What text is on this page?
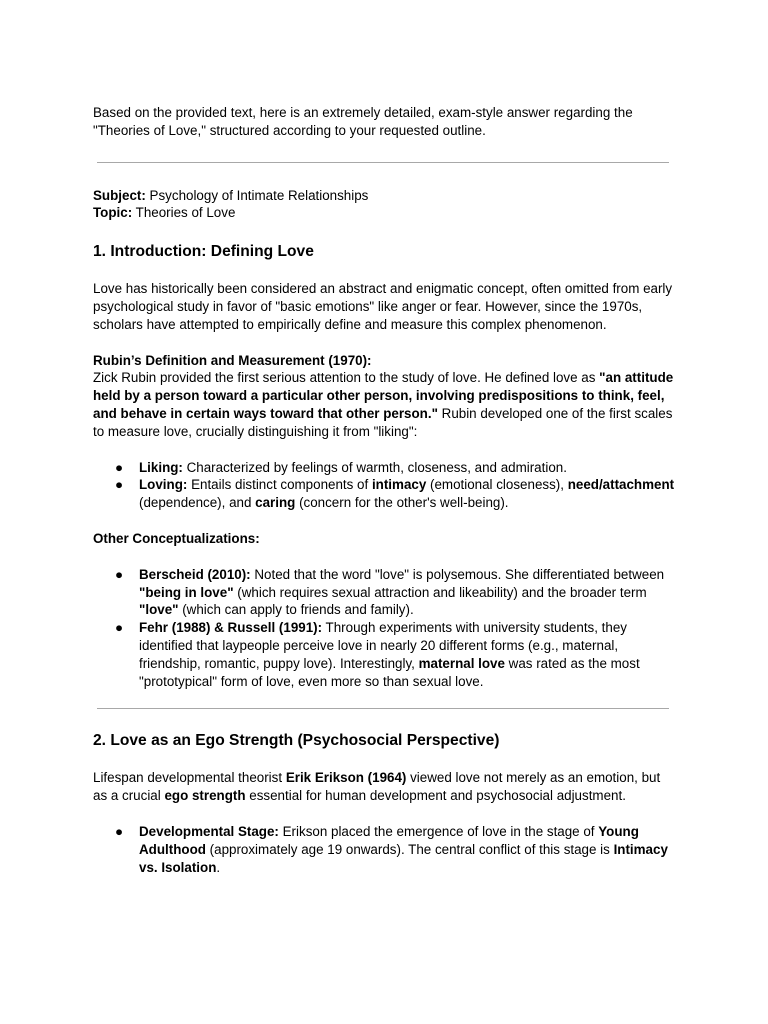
Based on the provided text, here is an extremely detailed, exam-style answer regarding the "Theories of Love," structured according to your requested outline.

Subject: Psychology of Intimate Relationships
Topic: Theories of Love
1. Introduction: Defining Love

Love has historically been considered an abstract and enigmatic concept, often omitted from early psychological study in favor of "basic emotions" like anger or fear. However, since the 1970s, scholars have attempted to empirically define and measure this complex phenomenon.

Rubin’s Definition and Measurement (1970):
Zick Rubin provided the first serious attention to the study of love. He defined love as "an attitude held by a person toward a particular other person, involving predispositions to think, feel, and behave in certain ways toward that other person." Rubin developed one of the first scales to measure love, crucially distinguishing it from "liking":

● Liking: Characterized by feelings of warmth, closeness, and admiration.
● Loving: Entails distinct components of intimacy (emotional closeness), need/attachment (dependence), and caring (concern for the other's well-being).

Other Conceptualizations:

● Berscheid (2010): Noted that the word "love" is polysemous. She differentiated between "being in love" (which requires sexual attraction and likeability) and the broader term "love" (which can apply to friends and family).
● Fehr (1988) & Russell (1991): Through experiments with university students, they identified that laypeople perceive love in nearly 20 different forms (e.g., maternal, friendship, romantic, puppy love). Interestingly, maternal love was rated as the most "prototypical" form of love, even more so than sexual love.
2. Love as an Ego Strength (Psychosocial Perspective)

Lifespan developmental theorist Erik Erikson (1964) viewed love not merely as an emotion, but as a crucial ego strength essential for human development and psychosocial adjustment.

● Developmental Stage: Erikson placed the emergence of love in the stage of Young Adulthood (approximately age 19 onwards). The central conflict of this stage is Intimacy vs. Isolation.
